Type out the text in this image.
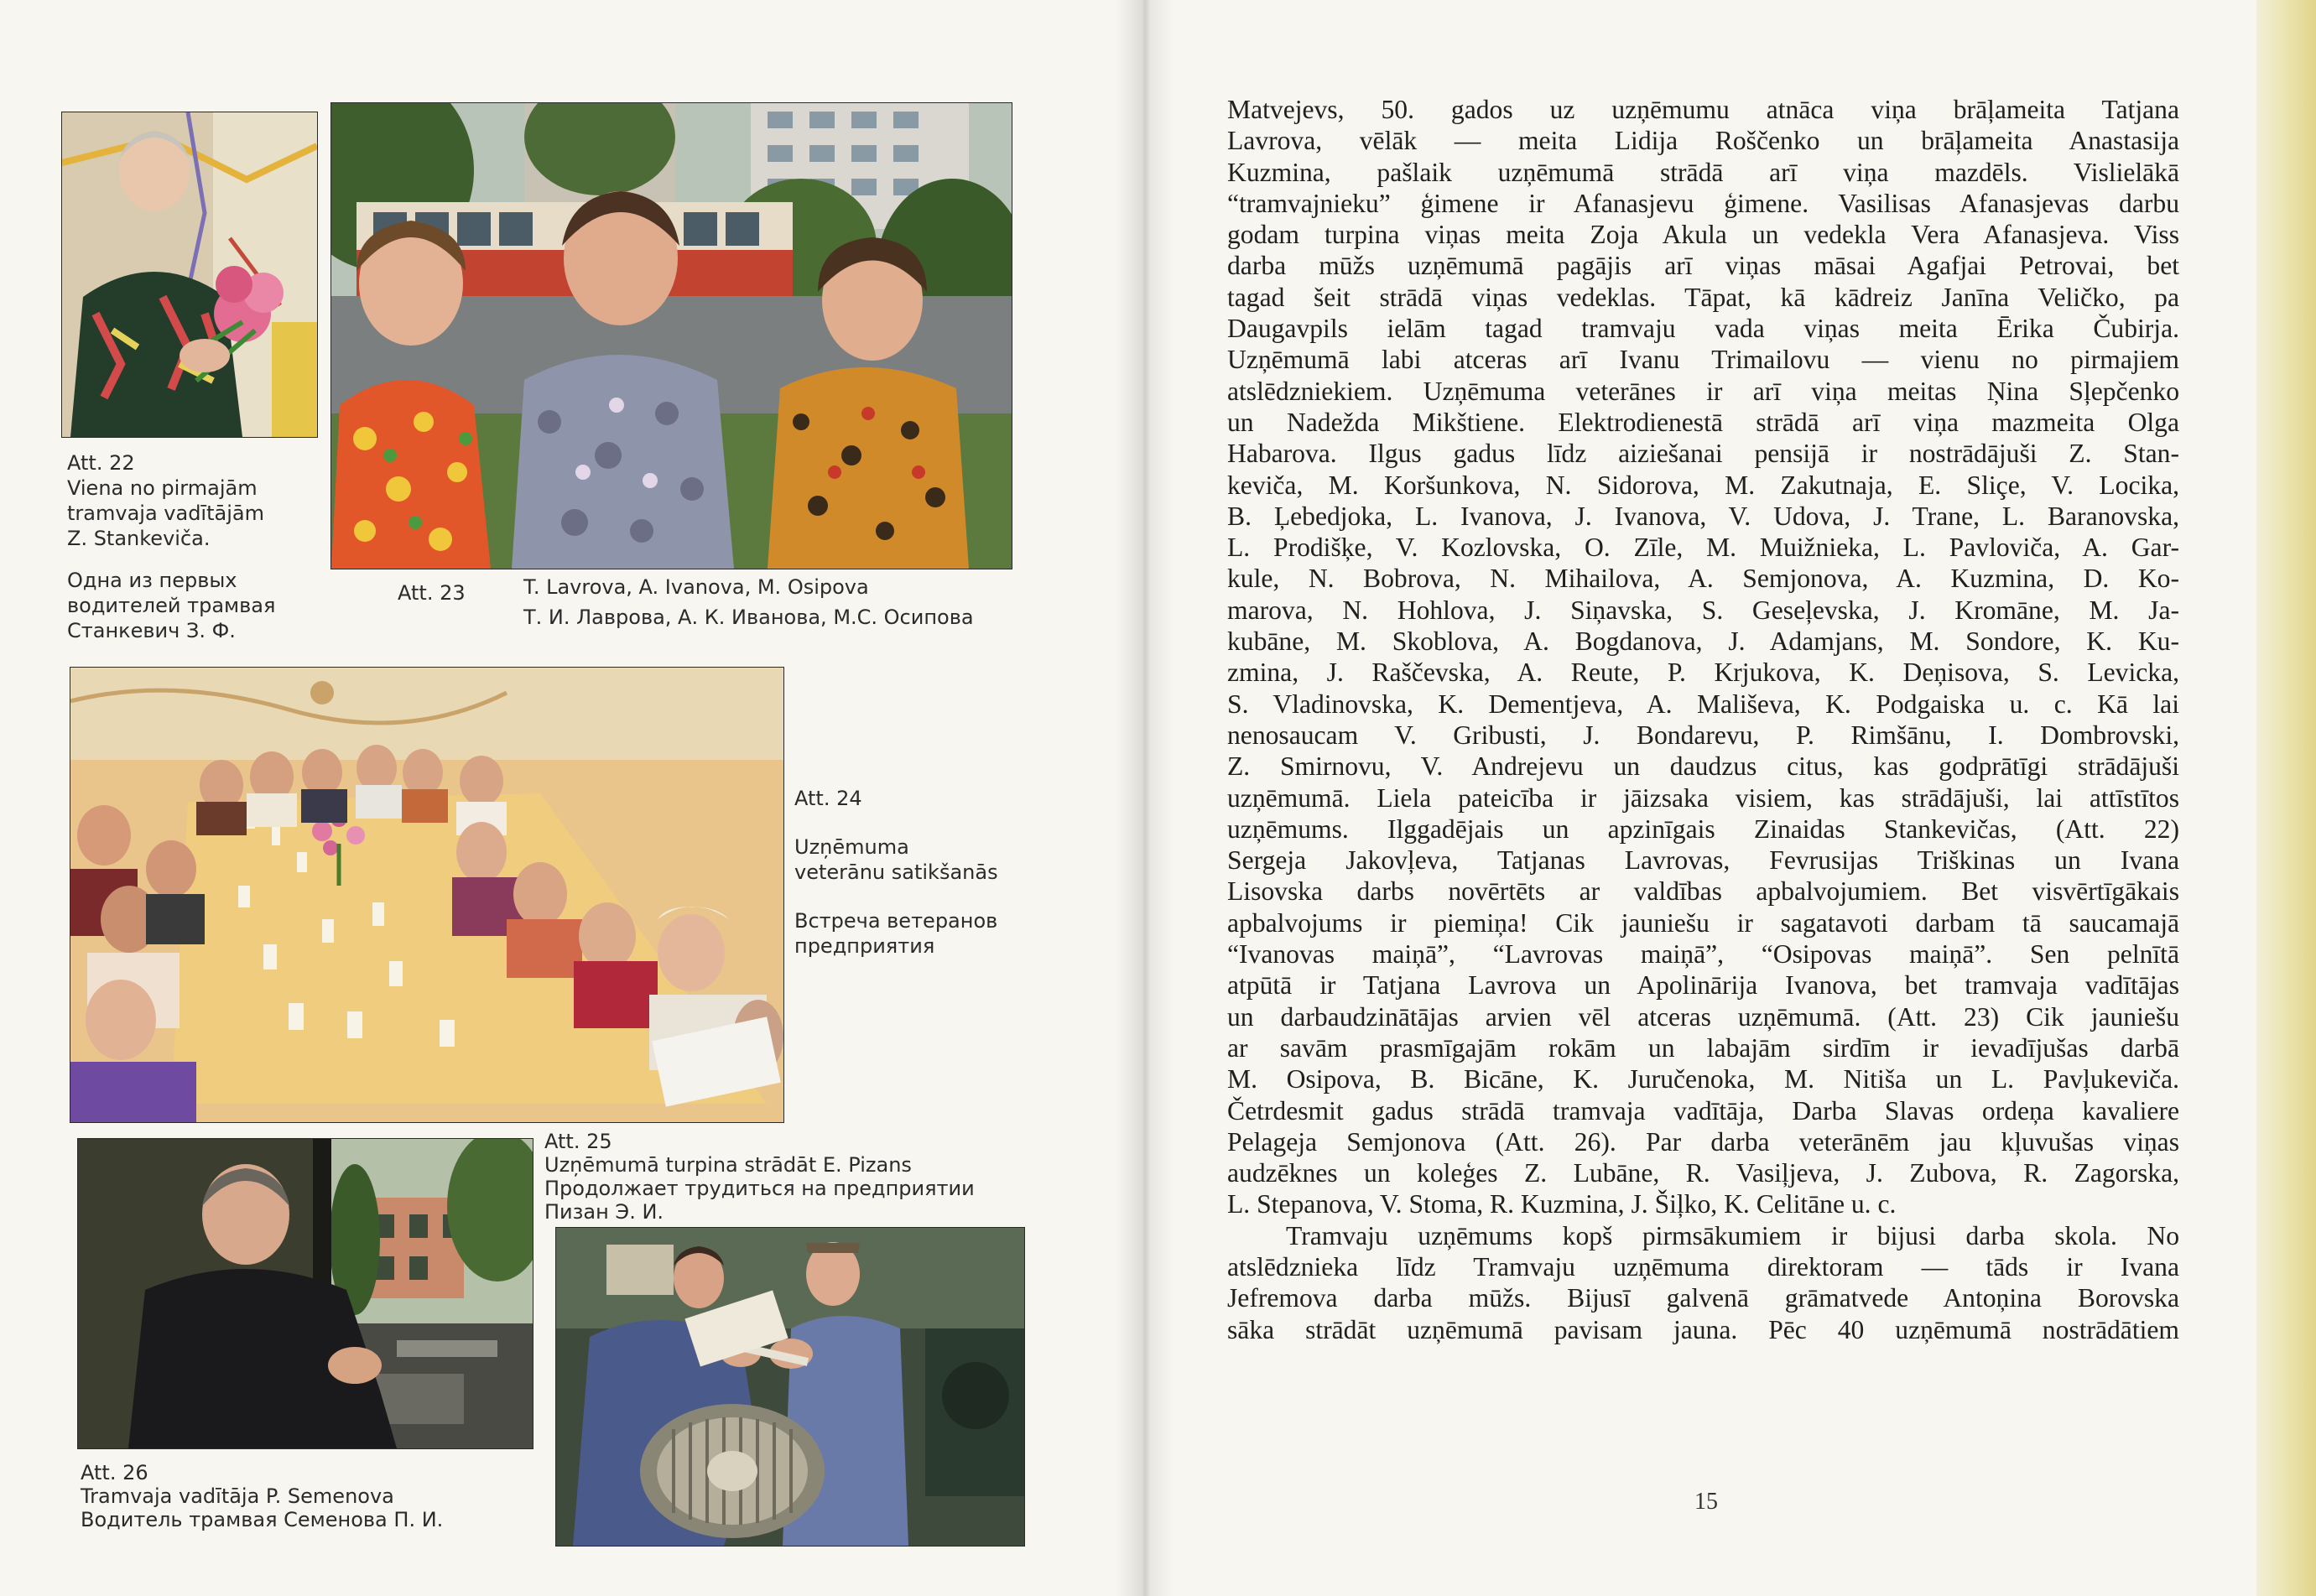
Att. 22
Viena no pirmajām
tramvaja vadītājām
Z. Stankeviča.
Одна из первых
водителей трамвая
Станкевич З. Ф.
Att. 23	T. Lavrova, A. Ivanova, M. Osipova
Т. И. Лаврова, А. К. Иванова, М.С. Осипова
Att. 24
Uzņēmuma
veterānu satikšanās
Встреча ветеранов
предприятия
Att. 25
Uzņēmumā turpina strādāt E. Pizans
Продолжает трудиться на предприятии
Пизан Э. И.
Att. 26
Tramvaja vadītāja P. Semenova
Водитель трамвая Семенова П. И.

Matvejevs, 50. gados uz uzņēmumu atnāca viņa brāļameita Tatjana

Lavrova, vēlāk — meita Lidija Roščenko un brāļameita Anastasija

Kuzmina, pašlaik uzņēmumā strādā arī viņa mazdēls. Vislielākā

“tramvajnieku” ģimene ir Afanasjevu ģimene. Vasilisas Afanasjevas darbu

godam turpina viņas meita Zoja Akula un vedekla Vera Afanasjeva. Viss

darba mūžs uzņēmumā pagājis arī viņas māsai Agafjai Petrovai, bet

tagad šeit strādā viņas vedeklas. Tāpat, kā kādreiz Janīna Veličko, pa

Daugavpils ielām tagad tramvaju vada viņas meita Ērika Čubirja.

Uzņēmumā labi atceras arī Ivanu Trimailovu — vienu no pirmajiem

atslēdzniekiem. Uzņēmuma veterānes ir arī viņa meitas Ņina Sļepčenko

un Nadežda Mikštiene. Elektrodienestā strādā arī viņa mazmeita Olga

Habarova. Ilgus gadus līdz aiziešanai pensijā ir nostrādājuši Z. Stan-

keviča, M. Koršunkova, N. Sidorova, M. Zakutnaja, E. Sliçe, V. Locika,

B. Ļebedjoka, L. Ivanova, J. Ivanova, V. Udova, J. Trane, L. Baranovska,

L. Prodišķe, V. Kozlovska, O. Zīle, M. Muižnieka, L. Pavloviča, A. Gar-

kule, N. Bobrova, N. Mihailova, A. Semjonova, A. Kuzmina, D. Ko-

marova, N. Hohlova, J. Siņavska, S. Geseļevska, J. Kromāne, M. Ja-

kubāne, M. Skoblova, A. Bogdanova, J. Adamjans, M. Sondore, K. Ku-

zmina, J. Raščevska, A. Reute, P. Krjukova, K. Deņisova, S. Levicka,

S. Vladinovska, K. Dementjeva, A. Mališeva, K. Podgaiska u. c. Kā lai

nenosaucam V. Gribusti, J. Bondarevu, P. Rimšānu, I. Dombrovski,

Z. Smirnovu, V. Andrejevu un daudzus citus, kas godprātīgi strādājuši

uzņēmumā. Liela pateicība ir jāizsaka visiem, kas strādājuši, lai attīstītos

uzņēmums. Ilggadējais un apzinīgais Zinaidas Stankevičas, (Att. 22)

Sergeja Jakovļeva, Tatjanas Lavrovas, Fevrusijas Triškinas un Ivana

Lisovska darbs novērtēts ar valdības apbalvojumiem. Bet visvērtīgākais

apbalvojums ir piemiņa! Cik jauniešu ir sagatavoti darbam tā saucamajā

“Ivanovas maiņā”, “Lavrovas maiņā”, “Osipovas maiņā”. Sen pelnītā

atpūtā ir Tatjana Lavrova un Apolinārija Ivanova, bet tramvaja vadītājas

un darbaudzinātājas arvien vēl atceras uzņēmumā. (Att. 23) Cik jauniešu

ar savām prasmīgajām rokām un labajām sirdīm ir ievadījušas darbā

M. Osipova, B. Bicāne, K. Juručenoka, M. Nitiša un L. Pavļukeviča.

Četrdesmit gadus strādā tramvaja vadītāja, Darba Slavas ordeņa kavaliere

Pelageja Semjonova (Att. 26). Par darba veterānēm jau kļuvušas viņas

audzēknes un koleģes Z. Lubāne, R. Vasiļjeva, J. Zubova, R. Zagorska,

L. Stepanova, V. Stoma, R. Kuzmina, J. Šiļko, K. Celitāne u. c.

Tramvaju uzņēmums kopš pirmsākumiem ir bijusi darba skola. No

atslēdznieka līdz Tramvaju uzņēmuma direktoram — tāds ir Ivana

Jefremova darba mūžs. Bijusī galvenā grāmatvede Antoņina Borovska

sāka strādāt uzņēmumā pavisam jauna. Pēc 40 uzņēmumā nostrādātiem

15
